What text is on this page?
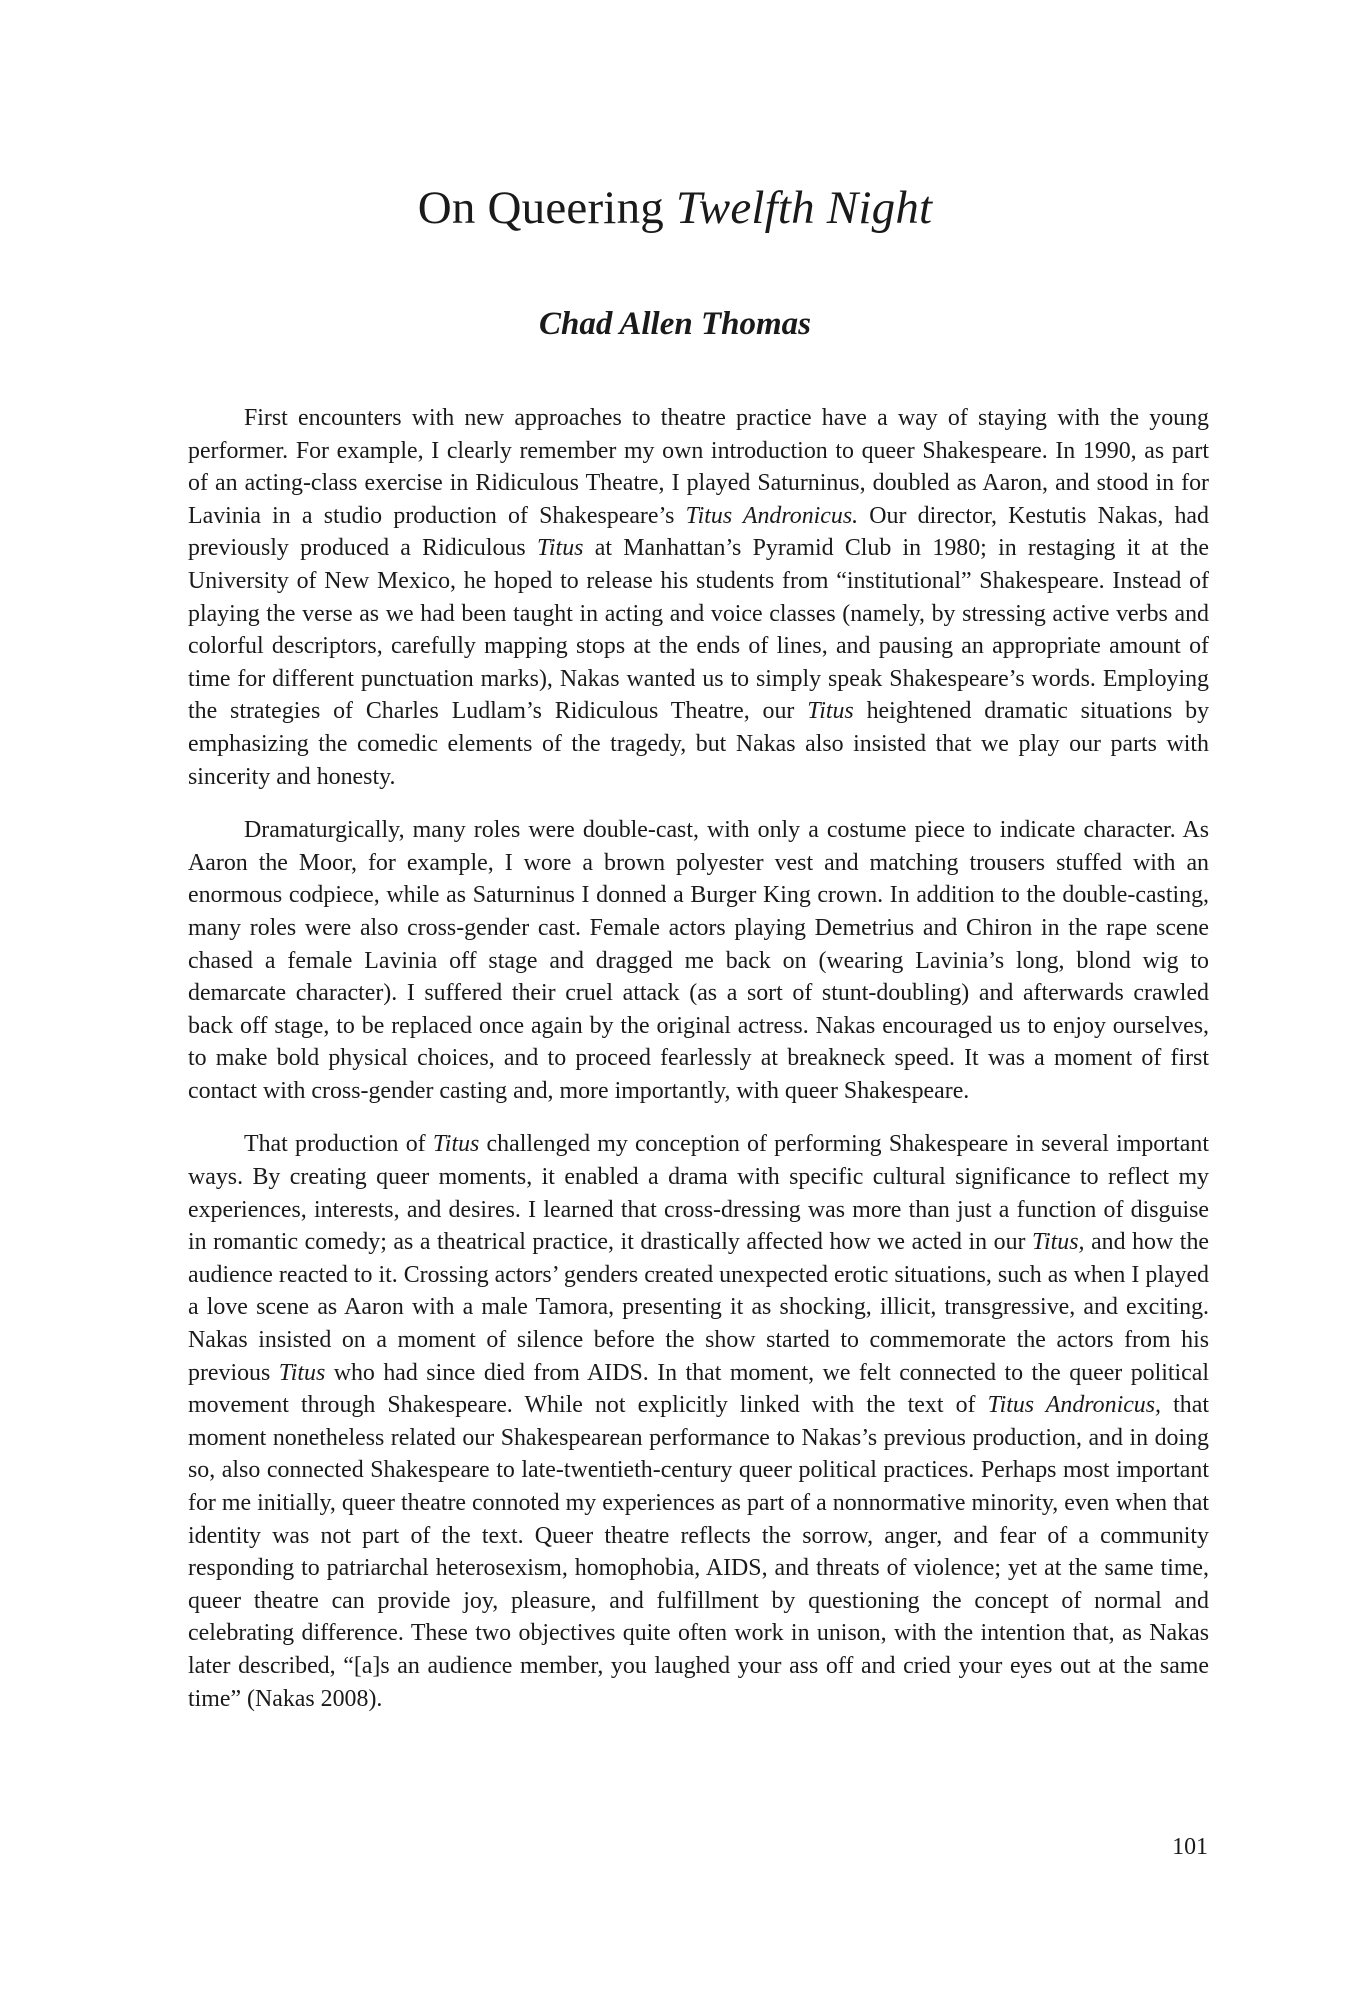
On Queering Twelfth Night
Chad Allen Thomas

First encounters with new approaches to theatre practice have a way of staying with the young performer. For example, I clearly remember my own introduction to queer Shakespeare. In 1990, as part of an acting-class exercise in Ridiculous Theatre, I played Saturninus, doubled as Aaron, and stood in for Lavinia in a studio production of Shakespeare’s Titus Andronicus. Our director, Kestutis Nakas, had previously produced a Ridiculous Titus at Manhattan’s Pyramid Club in 1980; in restaging it at the University of New Mexico, he hoped to release his students from “institutional” Shakespeare. Instead of playing the verse as we had been taught in acting and voice classes (namely, by stressing active verbs and colorful descriptors, carefully mapping stops at the ends of lines, and pausing an appropriate amount of time for different punctuation marks), Nakas wanted us to simply speak Shakespeare’s words. Employing the strategies of Charles Ludlam’s Ridiculous Theatre, our Titus heightened dramatic situations by emphasizing the comedic elements of the tragedy, but Nakas also insisted that we play our parts with sincerity and honesty.

Dramaturgically, many roles were double-cast, with only a costume piece to indicate character. As Aaron the Moor, for example, I wore a brown polyester vest and matching trousers stuffed with an enormous codpiece, while as Saturninus I donned a Burger King crown. In addition to the double-casting, many roles were also cross-gender cast. Female actors playing Demetrius and Chiron in the rape scene chased a female Lavinia off stage and dragged me back on (wearing Lavinia’s long, blond wig to demarcate character). I suffered their cruel attack (as a sort of stunt-doubling) and afterwards crawled back off stage, to be replaced once again by the original actress. Nakas encouraged us to enjoy ourselves, to make bold physical choices, and to proceed fearlessly at breakneck speed. It was a moment of first contact with cross-gender casting and, more importantly, with queer Shakespeare.

That production of Titus challenged my conception of performing Shakespeare in several important ways. By creating queer moments, it enabled a drama with specific cultural significance to reflect my experiences, interests, and desires. I learned that cross-dressing was more than just a function of disguise in romantic comedy; as a theatrical practice, it drastically affected how we acted in our Titus, and how the audience reacted to it. Crossing actors’ genders created unexpected erotic situations, such as when I played a love scene as Aaron with a male Tamora, presenting it as shocking, illicit, transgressive, and exciting. Nakas insisted on a moment of silence before the show started to commemorate the actors from his previous Titus who had since died from AIDS. In that moment, we felt connected to the queer political movement through Shakespeare. While not explicitly linked with the text of Titus Andronicus, that moment nonetheless related our Shakespearean performance to Nakas’s previous production, and in doing so, also connected Shakespeare to late-twentieth-century queer political practices. Perhaps most important for me initially, queer theatre connoted my experiences as part of a nonnormative minority, even when that identity was not part of the text. Queer theatre reflects the sorrow, anger, and fear of a community responding to patriarchal heterosexism, homophobia, AIDS, and threats of violence; yet at the same time, queer theatre can provide joy, pleasure, and fulfillment by questioning the concept of normal and celebrating difference. These two objectives quite often work in unison, with the intention that, as Nakas later described, “[a]s an audience member, you laughed your ass off and cried your eyes out at the same time” (Nakas 2008).

101
